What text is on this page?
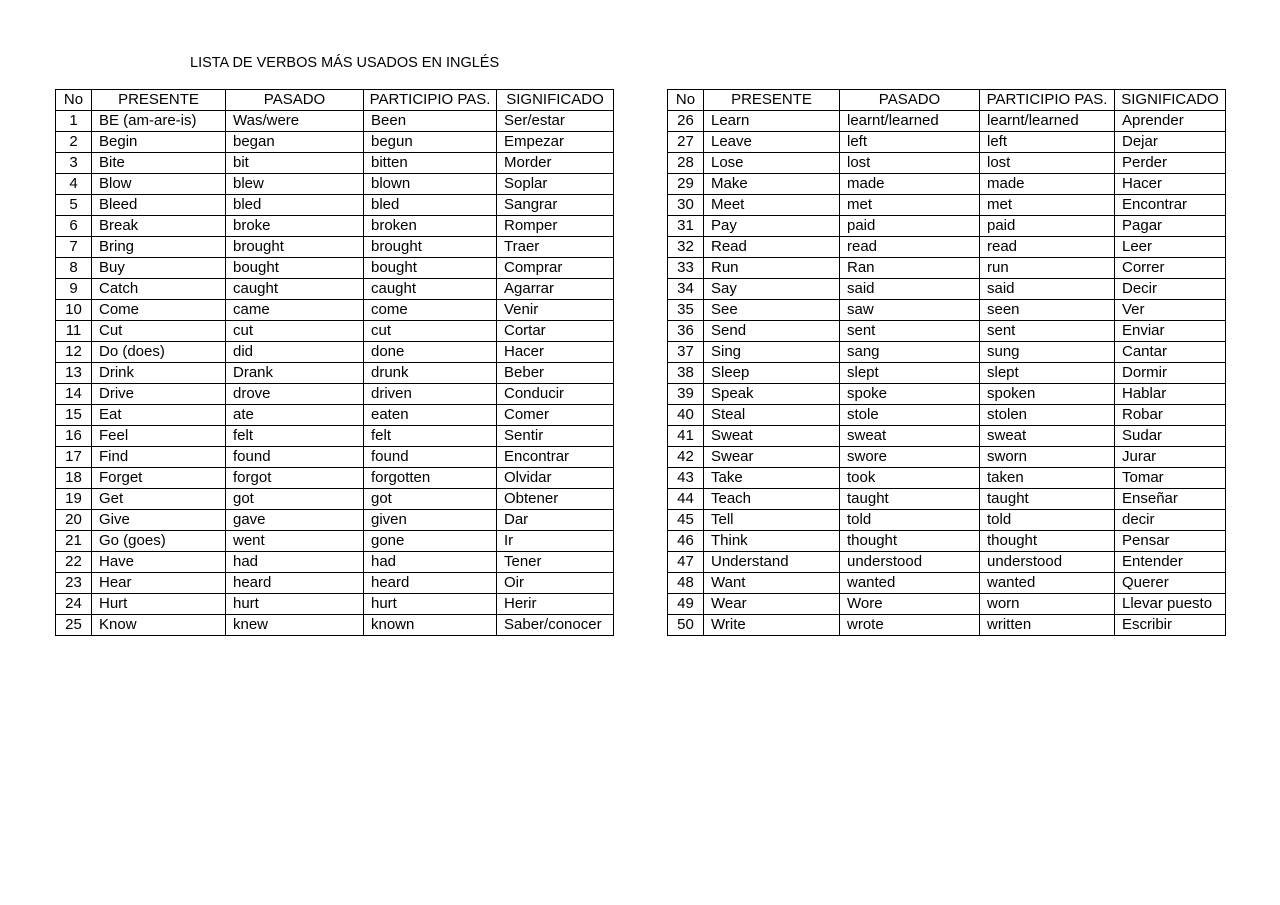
LISTA DE VERBOS MÁS USADOS EN INGLÉS
No	PRESENTE	PASADO	PARTICIPIO PAS.	SIGNIFICADO
1	BE (am-are-is)	Was/were	Been	Ser/estar
2	Begin	began	begun	Empezar
3	Bite	bit	bitten	Morder
4	Blow	blew	blown	Soplar
5	Bleed	bled	bled	Sangrar
6	Break	broke	broken	Romper
7	Bring	brought	brought	Traer
8	Buy	bought	bought	Comprar
9	Catch	caught	caught	Agarrar
10	Come	came	come	Venir
11	Cut	cut	cut	Cortar
12	Do (does)	did	done	Hacer
13	Drink	Drank	drunk	Beber
14	Drive	drove	driven	Conducir
15	Eat	ate	eaten	Comer
16	Feel	felt	felt	Sentir
17	Find	found	found	Encontrar
18	Forget	forgot	forgotten	Olvidar
19	Get	got	got	Obtener
20	Give	gave	given	Dar
21	Go (goes)	went	gone	Ir
22	Have	had	had	Tener
23	Hear	heard	heard	Oir
24	Hurt	hurt	hurt	Herir
25	Know	knew	known	Saber/conocer
No	PRESENTE	PASADO	PARTICIPIO PAS.	SIGNIFICADO
26	Learn	learnt/learned	learnt/learned	Aprender
27	Leave	left	left	Dejar
28	Lose	lost	lost	Perder
29	Make	made	made	Hacer
30	Meet	met	met	Encontrar
31	Pay	paid	paid	Pagar
32	Read	read	read	Leer
33	Run	Ran	run	Correr
34	Say	said	said	Decir
35	See	saw	seen	Ver
36	Send	sent	sent	Enviar
37	Sing	sang	sung	Cantar
38	Sleep	slept	slept	Dormir
39	Speak	spoke	spoken	Hablar
40	Steal	stole	stolen	Robar
41	Sweat	sweat	sweat	Sudar
42	Swear	swore	sworn	Jurar
43	Take	took	taken	Tomar
44	Teach	taught	taught	Enseñar
45	Tell	told	told	decir
46	Think	thought	thought	Pensar
47	Understand	understood	understood	Entender
48	Want	wanted	wanted	Querer
49	Wear	Wore	worn	Llevar puesto
50	Write	wrote	written	Escribir
